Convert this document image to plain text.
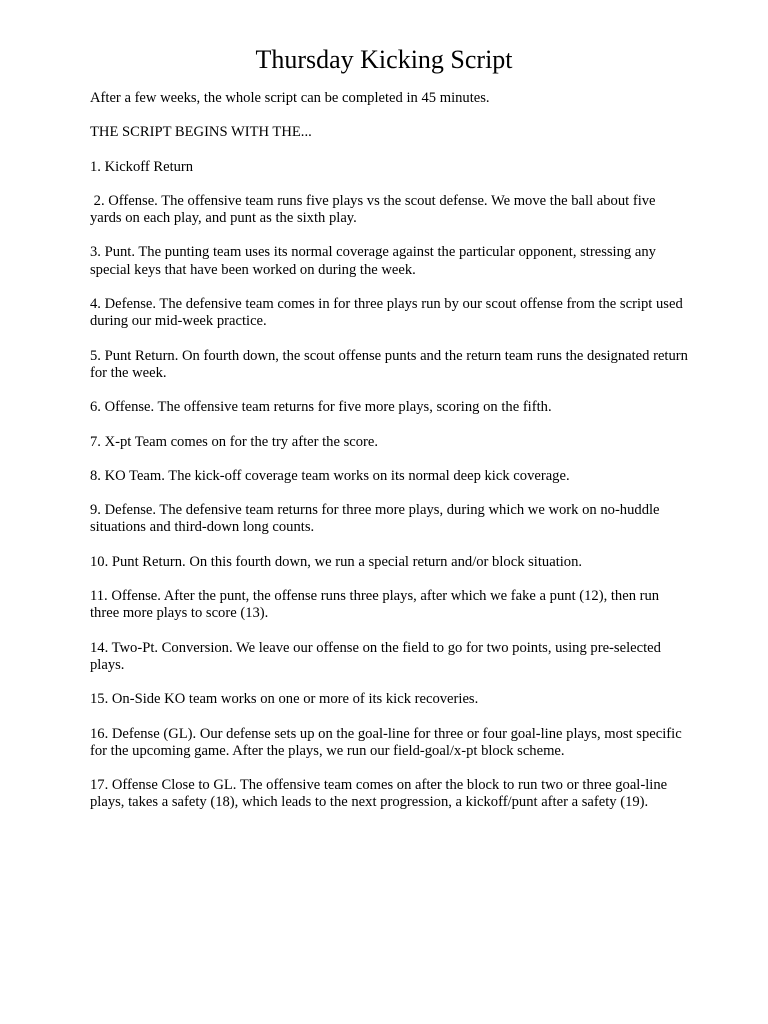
Thursday Kicking Script

After a few weeks, the whole script can be completed in 45 minutes.

THE SCRIPT BEGINS WITH THE...

1. Kickoff Return

2. Offense. The offensive team runs five plays vs the scout defense. We move the ball about five yards on each play, and punt as the sixth play.

3. Punt. The punting team uses its normal coverage against the particular opponent, stressing any special keys that have been worked on during the week.

4. Defense. The defensive team comes in for three plays run by our scout offense from the script used during our mid-week practice.

5. Punt Return. On fourth down, the scout offense punts and the return team runs the designated return for the week.

6. Offense. The offensive team returns for five more plays, scoring on the fifth.

7. X-pt Team comes on for the try after the score.

8. KO Team. The kick-off coverage team works on its normal deep kick coverage.

9. Defense. The defensive team returns for three more plays, during which we work on no-huddle situations and third-down long counts.

10. Punt Return. On this fourth down, we run a special return and/or block situation.

11. Offense. After the punt, the offense runs three plays, after which we fake a punt (12), then run three more plays to score (13).

14. Two-Pt. Conversion. We leave our offense on the field to go for two points, using pre-selected plays.

15. On-Side KO team works on one or more of its kick recoveries.

16. Defense (GL). Our defense sets up on the goal-line for three or four goal-line plays, most specific for the upcoming game. After the plays, we run our field-goal/x-pt block scheme.

17. Offense Close to GL. The offensive team comes on after the block to run two or three goal-line plays, takes a safety (18), which leads to the next progression, a kickoff/punt after a safety (19).
